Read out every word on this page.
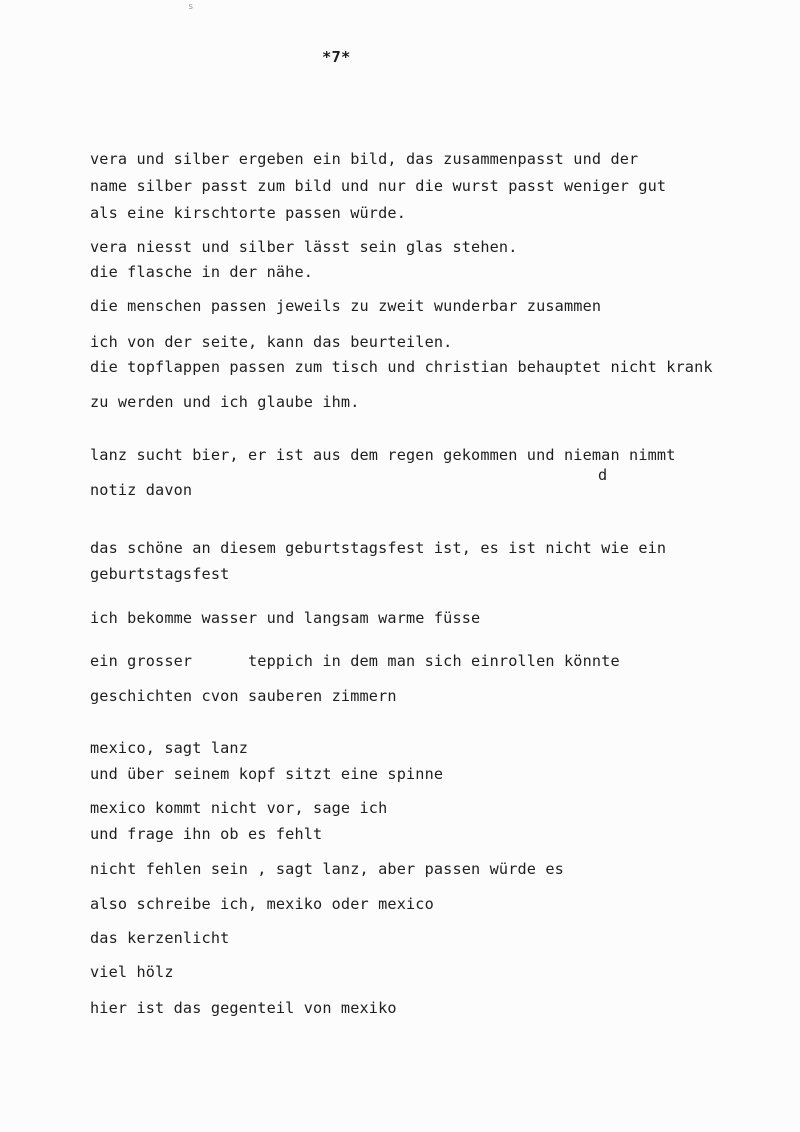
s
*7*
vera und silber ergeben ein bild, das zusammenpasst und der
name silber passt zum bild und nur die wurst passt weniger gut
als eine kirschtorte passen würde.
vera niesst und silber lässt sein glas stehen.
die flasche in der nähe.
die menschen passen jeweils zu zweit wunderbar zusammen
ich von der seite, kann das beurteilen.
die topflappen passen zum tisch und christian behauptet nicht krank
zu werden und ich glaube ihm.
lanz sucht bier, er ist aus dem regen gekommen und nieman nimmt
d
notiz davon
das schöne an diesem geburtstagsfest ist, es ist nicht wie ein
geburtstagsfest
ich bekomme wasser und langsam warme füsse
ein grosser      teppich in dem man sich einrollen könnte
geschichten cvon sauberen zimmern
mexico, sagt lanz
und über seinem kopf sitzt eine spinne
mexico kommt nicht vor, sage ich
und frage ihn ob es fehlt
nicht fehlen sein , sagt lanz, aber passen würde es
also schreibe ich, mexiko oder mexico
das kerzenlicht
viel hölz
hier ist das gegenteil von mexiko
